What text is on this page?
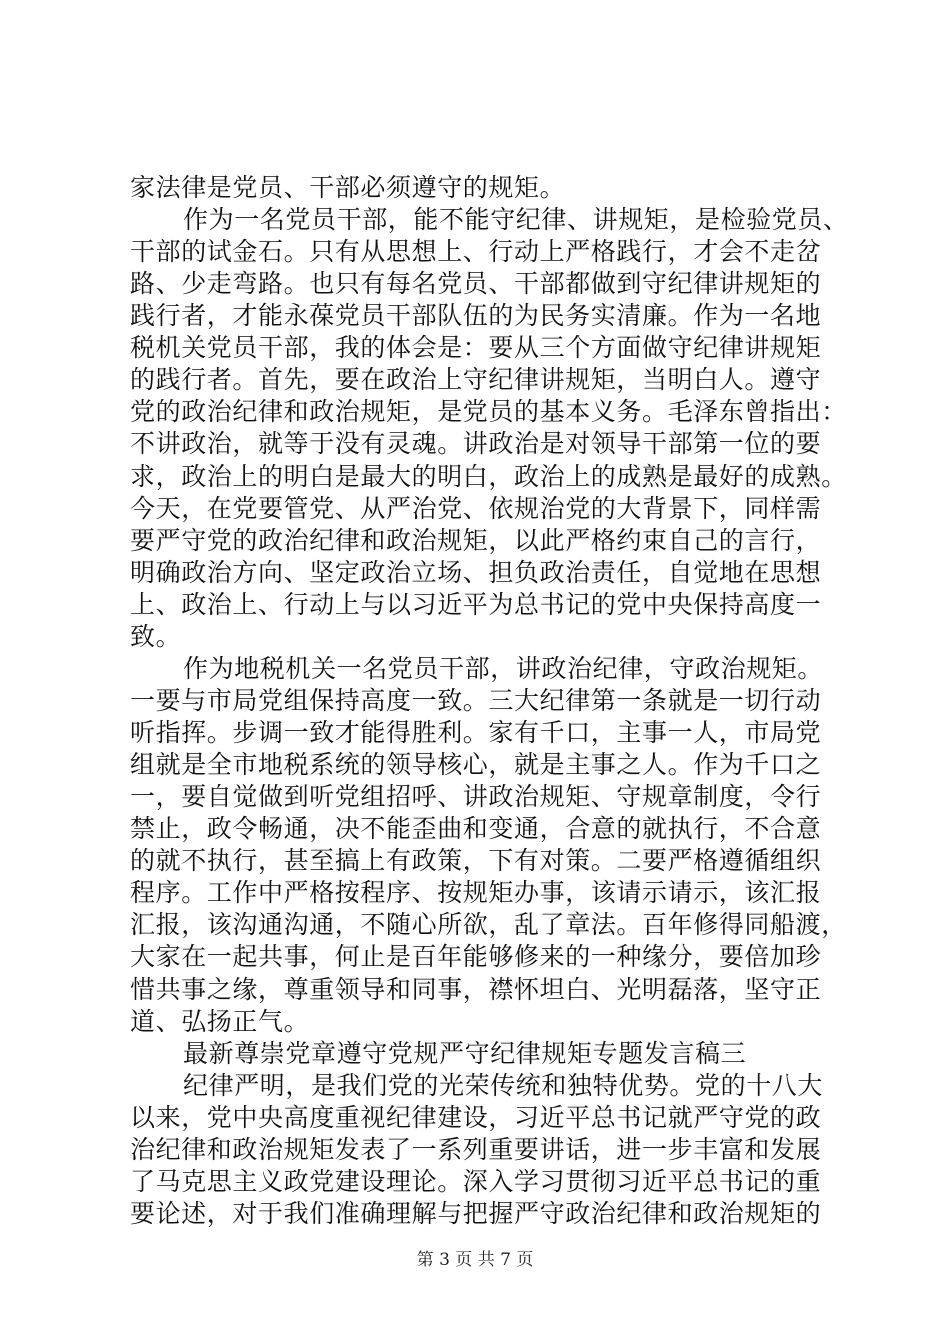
家法律是党员、干部必须遵守的规矩。
作为一名党员干部，能不能守纪律、讲规矩，是检验党员、
干部的试金石。只有从思想上、行动上严格践行，才会不走岔
路、少走弯路。也只有每名党员、干部都做到守纪律讲规矩的
践行者，才能永葆党员干部队伍的为民务实清廉。作为一名地
税机关党员干部，我的体会是：要从三个方面做守纪律讲规矩
的践行者。首先，要在政治上守纪律讲规矩，当明白人。遵守
党的政治纪律和政治规矩，是党员的基本义务。毛泽东曾指出：
不讲政治，就等于没有灵魂。讲政治是对领导干部第一位的要
求，政治上的明白是最大的明白，政治上的成熟是最好的成熟。
今天，在党要管党、从严治党、依规治党的大背景下，同样需
要严守党的政治纪律和政治规矩，以此严格约束自己的言行，
明确政治方向、坚定政治立场、担负政治责任，自觉地在思想
上、政治上、行动上与以习近平为总书记的党中央保持高度一
致。
作为地税机关一名党员干部，讲政治纪律，守政治规矩。
一要与市局党组保持高度一致。三大纪律第一条就是一切行动
听指挥。步调一致才能得胜利。家有千口，主事一人，市局党
组就是全市地税系统的领导核心，就是主事之人。作为千口之
一，要自觉做到听党组招呼、讲政治规矩、守规章制度，令行
禁止，政令畅通，决不能歪曲和变通，合意的就执行，不合意
的就不执行，甚至搞上有政策，下有对策。二要严格遵循组织
程序。工作中严格按程序、按规矩办事，该请示请示，该汇报
汇报，该沟通沟通，不随心所欲，乱了章法。百年修得同船渡，
大家在一起共事，何止是百年能够修来的一种缘分，要倍加珍
惜共事之缘，尊重领导和同事，襟怀坦白、光明磊落，坚守正
道、弘扬正气。
最新尊崇党章遵守党规严守纪律规矩专题发言稿三
纪律严明，是我们党的光荣传统和独特优势。党的十八大
以来，党中央高度重视纪律建设，习近平总书记就严守党的政
治纪律和政治规矩发表了一系列重要讲话，进一步丰富和发展
了马克思主义政党建设理论。深入学习贯彻习近平总书记的重
要论述，对于我们准确理解与把握严守政治纪律和政治规矩的
第 3 页 共 7 页
